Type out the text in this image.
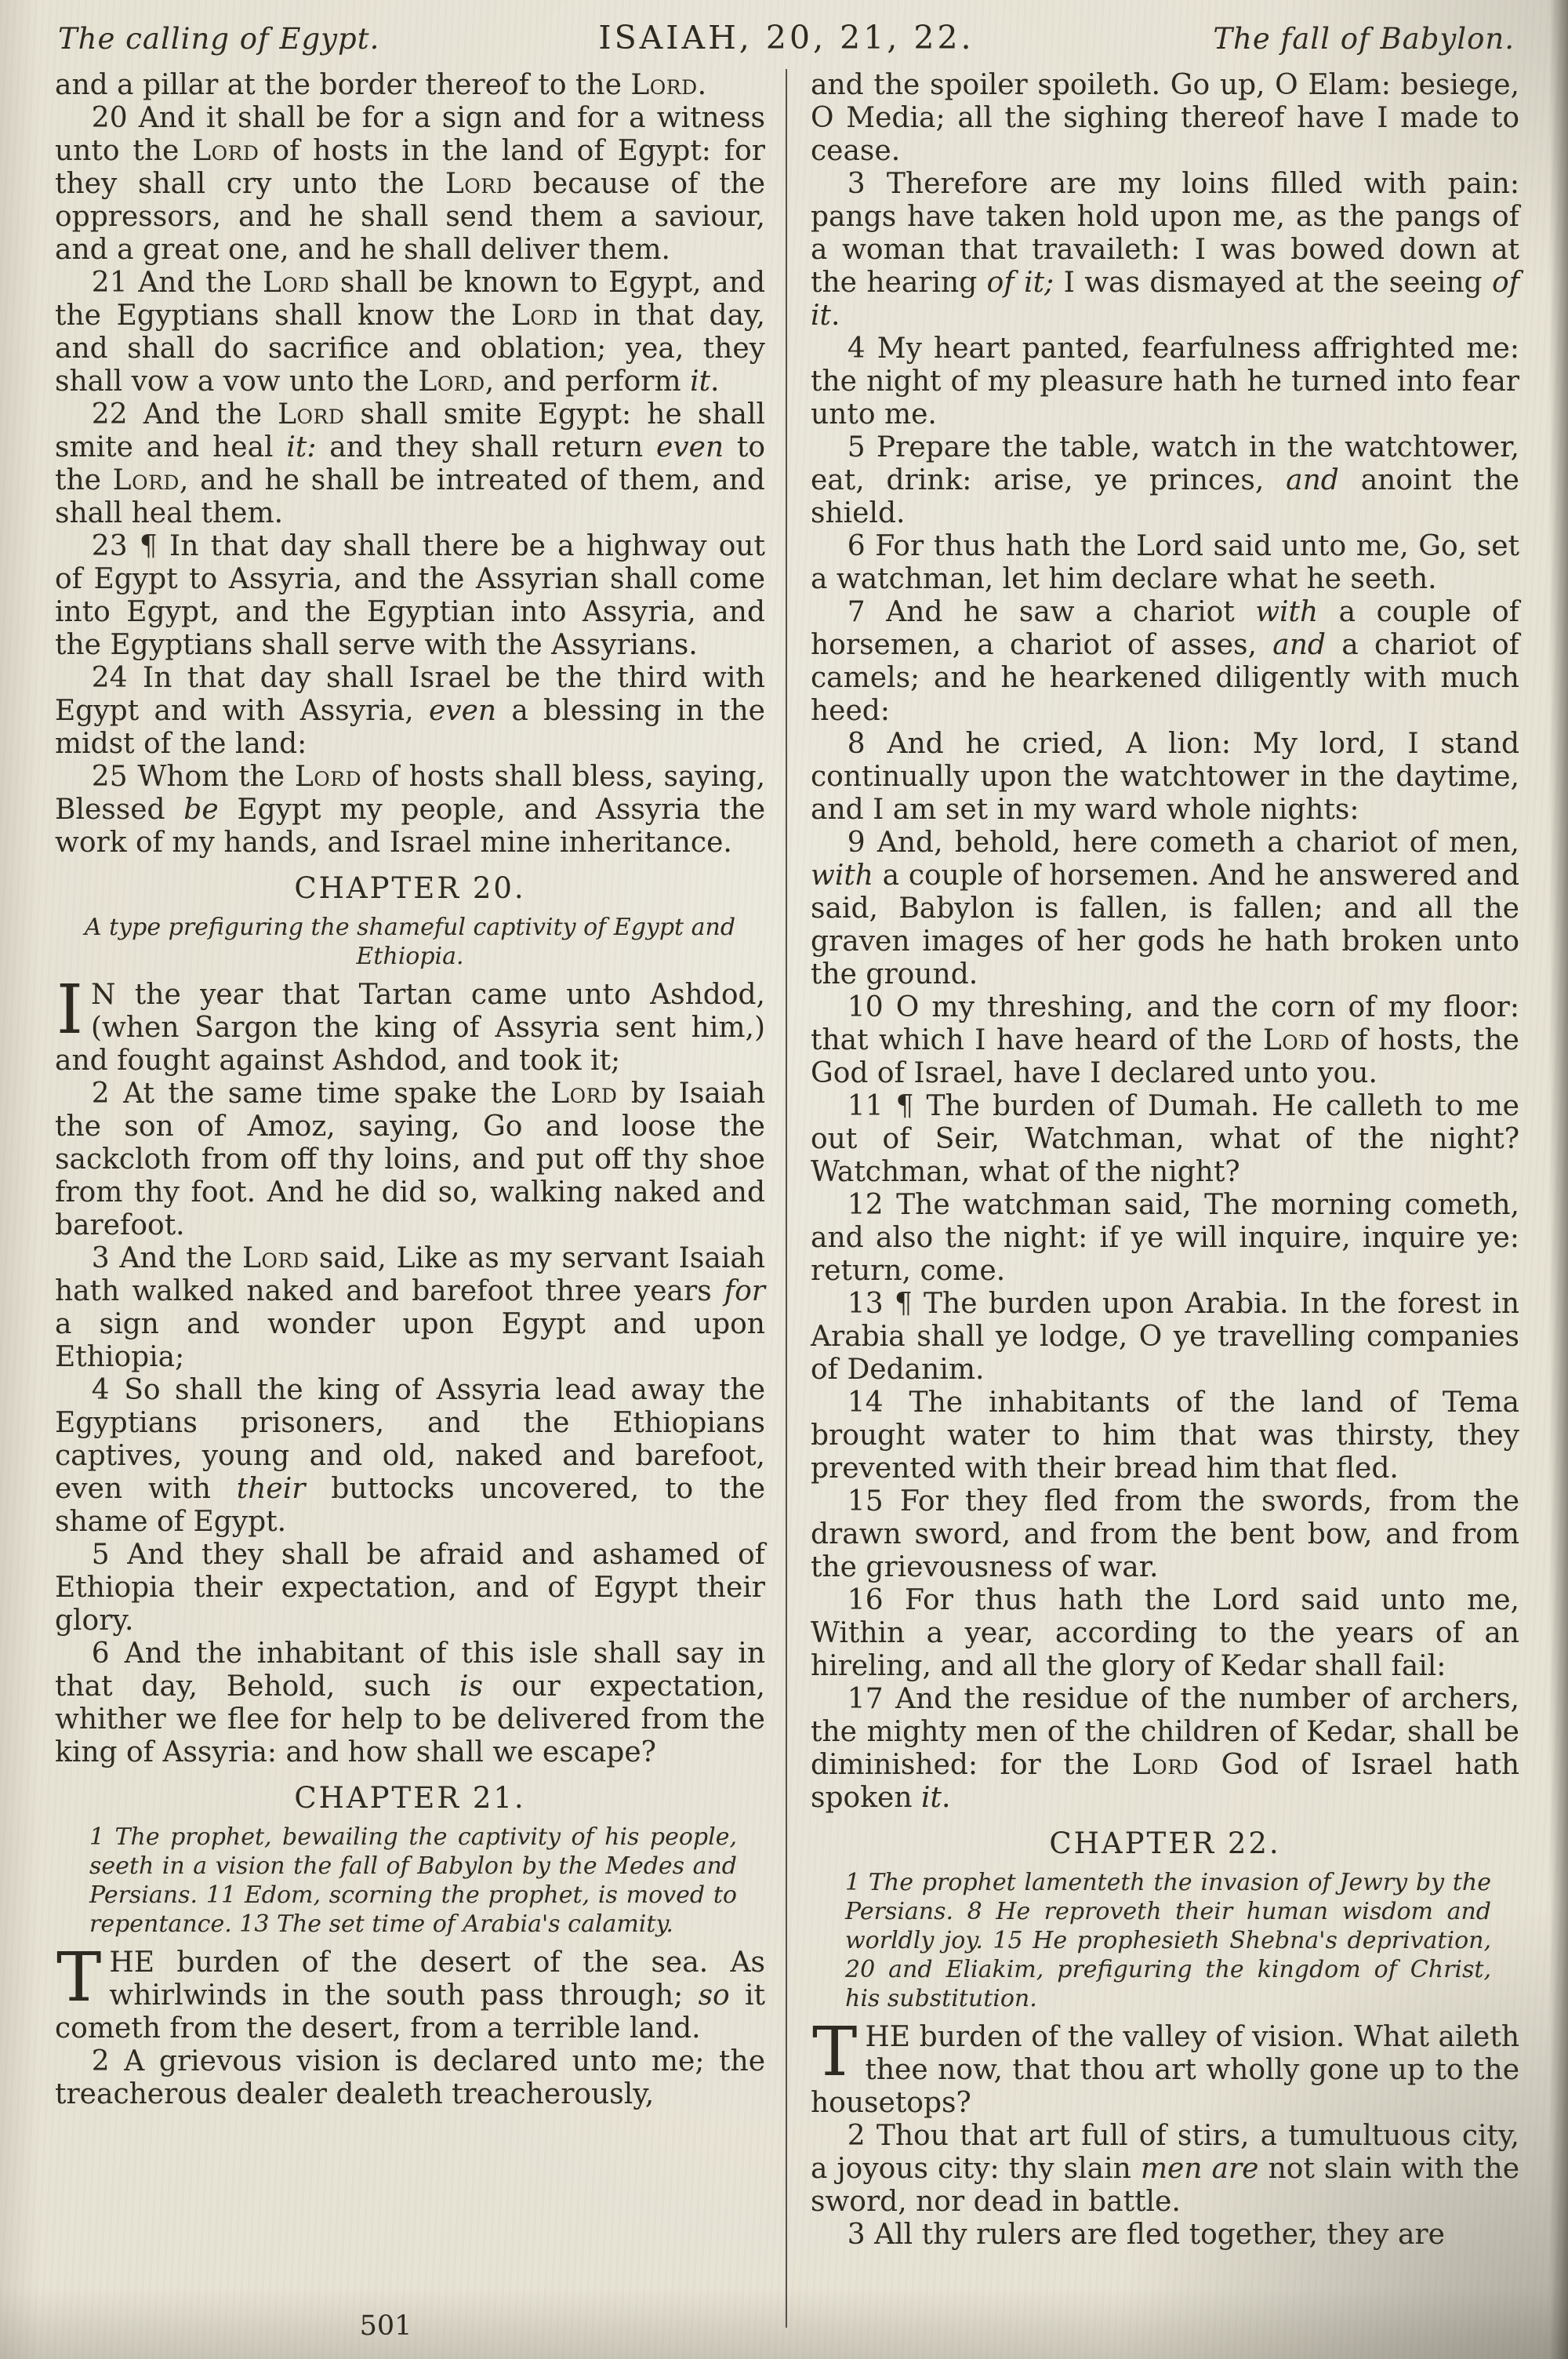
The calling of Egypt.	ISAIAH, 20, 21, 22.	The fall of Babylon.
and a pillar at the border thereof to the Lord.
20 And it shall be for a sign and for a witness unto the Lord of hosts in the land of Egypt: for they shall cry unto the Lord because of the oppressors, and he shall send them a saviour, and a great one, and he shall deliver them.
21 And the Lord shall be known to Egypt, and the Egyptians shall know the Lord in that day, and shall do sacrifice and oblation; yea, they shall vow a vow unto the Lord, and perform it.
22 And the Lord shall smite Egypt: he shall smite and heal it: and they shall return even to the Lord, and he shall be intreated of them, and shall heal them.
23 ¶ In that day shall there be a highway out of Egypt to Assyria, and the Assyrian shall come into Egypt, and the Egyptian into Assyria, and the Egyptians shall serve with the Assyrians.
24 In that day shall Israel be the third with Egypt and with Assyria, even a blessing in the midst of the land:
25 Whom the Lord of hosts shall bless, saying, Blessed be Egypt my people, and Assyria the work of my hands, and Israel mine inheritance.
CHAPTER 20.
A type prefiguring the shameful captivity of Egypt and Ethiopia.
I N the year that Tartan came unto Ashdod, (when Sargon the king of Assyria sent him,) and fought against Ashdod, and took it;
2 At the same time spake the Lord by Isaiah the son of Amoz, saying, Go and loose the sackcloth from off thy loins, and put off thy shoe from thy foot. And he did so, walking naked and barefoot.
3 And the Lord said, Like as my servant Isaiah hath walked naked and barefoot three years for a sign and wonder upon Egypt and upon Ethiopia;
4 So shall the king of Assyria lead away the Egyptians prisoners, and the Ethiopians captives, young and old, naked and barefoot, even with their buttocks uncovered, to the shame of Egypt.
5 And they shall be afraid and ashamed of Ethiopia their expectation, and of Egypt their glory.
6 And the inhabitant of this isle shall say in that day, Behold, such is our expectation, whither we flee for help to be delivered from the king of Assyria: and how shall we escape?
CHAPTER 21.
1 The prophet, bewailing the captivity of his people, seeth in a vision the fall of Babylon by the Medes and Persians. 11 Edom, scorning the prophet, is moved to repentance. 13 The set time of Arabia's calamity.
THE burden of the desert of the sea. As whirlwinds in the south pass through; so it cometh from the desert, from a terrible land.
2 A grievous vision is declared unto me; the treacherous dealer dealeth treacherously,
and the spoiler spoileth. Go up, O Elam: besiege, O Media; all the sighing thereof have I made to cease.
3 Therefore are my loins filled with pain: pangs have taken hold upon me, as the pangs of a woman that travaileth: I was bowed down at the hearing of it; I was dismayed at the seeing of it.
4 My heart panted, fearfulness affrighted me: the night of my pleasure hath he turned into fear unto me.
5 Prepare the table, watch in the watchtower, eat, drink: arise, ye princes, and anoint the shield.
6 For thus hath the Lord said unto me, Go, set a watchman, let him declare what he seeth.
7 And he saw a chariot with a couple of horsemen, a chariot of asses, and a chariot of camels; and he hearkened diligently with much heed:
8 And he cried, A lion: My lord, I stand continually upon the watchtower in the daytime, and I am set in my ward whole nights:
9 And, behold, here cometh a chariot of men, with a couple of horsemen. And he answered and said, Babylon is fallen, is fallen; and all the graven images of her gods he hath broken unto the ground.
10 O my threshing, and the corn of my floor: that which I have heard of the Lord of hosts, the God of Israel, have I declared unto you.
11 ¶ The burden of Dumah. He calleth to me out of Seir, Watchman, what of the night? Watchman, what of the night?
12 The watchman said, The morning cometh, and also the night: if ye will inquire, inquire ye: return, come.
13 ¶ The burden upon Arabia. In the forest in Arabia shall ye lodge, O ye travelling companies of Dedanim.
14 The inhabitants of the land of Tema brought water to him that was thirsty, they prevented with their bread him that fled.
15 For they fled from the swords, from the drawn sword, and from the bent bow, and from the grievousness of war.
16 For thus hath the Lord said unto me, Within a year, according to the years of an hireling, and all the glory of Kedar shall fail:
17 And the residue of the number of archers, the mighty men of the children of Kedar, shall be diminished: for the Lord God of Israel hath spoken it.
CHAPTER 22.
1 The prophet lamenteth the invasion of Jewry by the Persians. 8 He reproveth their human wisdom and worldly joy. 15 He prophesieth Shebna's deprivation, 20 and Eliakim, prefiguring the kingdom of Christ, his substitution.
THE burden of the valley of vision. What aileth thee now, that thou art wholly gone up to the housetops?
2 Thou that art full of stirs, a tumultuous city, a joyous city: thy slain men are not slain with the sword, nor dead in battle.
3 All thy rulers are fled together, they are
501
